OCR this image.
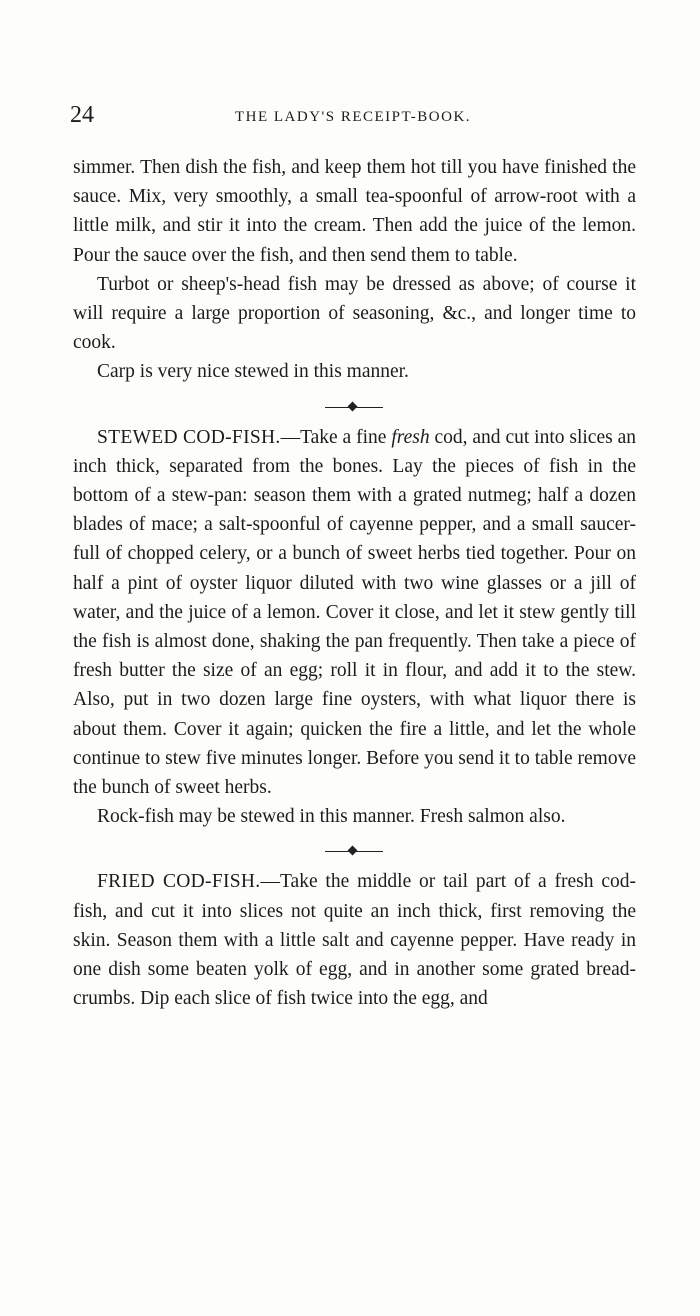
24	THE LADY'S RECEIPT-BOOK.

simmer. Then dish the fish, and keep them hot till you have finished the sauce. Mix, very smoothly, a small tea-spoonful of arrow-root with a little milk, and stir it into the cream. Then add the juice of the lemon. Pour the sauce over the fish, and then send them to table.

Turbot or sheep's-head fish may be dressed as above; of course it will require a large proportion of seasoning, &c., and longer time to cook.

Carp is very nice stewed in this manner.

STEWED COD-FISH.—Take a fine fresh cod, and cut into slices an inch thick, separated from the bones. Lay the pieces of fish in the bottom of a stew-pan: season them with a grated nutmeg; half a dozen blades of mace; a salt-spoonful of cayenne pepper, and a small saucer-full of chopped celery, or a bunch of sweet herbs tied together. Pour on half a pint of oyster liquor diluted with two wine glasses or a jill of water, and the juice of a lemon. Cover it close, and let it stew gently till the fish is almost done, shaking the pan frequently. Then take a piece of fresh butter the size of an egg; roll it in flour, and add it to the stew. Also, put in two dozen large fine oysters, with what liquor there is about them. Cover it again; quicken the fire a little, and let the whole continue to stew five minutes longer. Before you send it to table remove the bunch of sweet herbs.

Rock-fish may be stewed in this manner. Fresh salmon also.

FRIED COD-FISH.—Take the middle or tail part of a fresh cod-fish, and cut it into slices not quite an inch thick, first removing the skin. Season them with a little salt and cayenne pepper. Have ready in one dish some beaten yolk of egg, and in another some grated bread-crumbs. Dip each slice of fish twice into the egg, and
